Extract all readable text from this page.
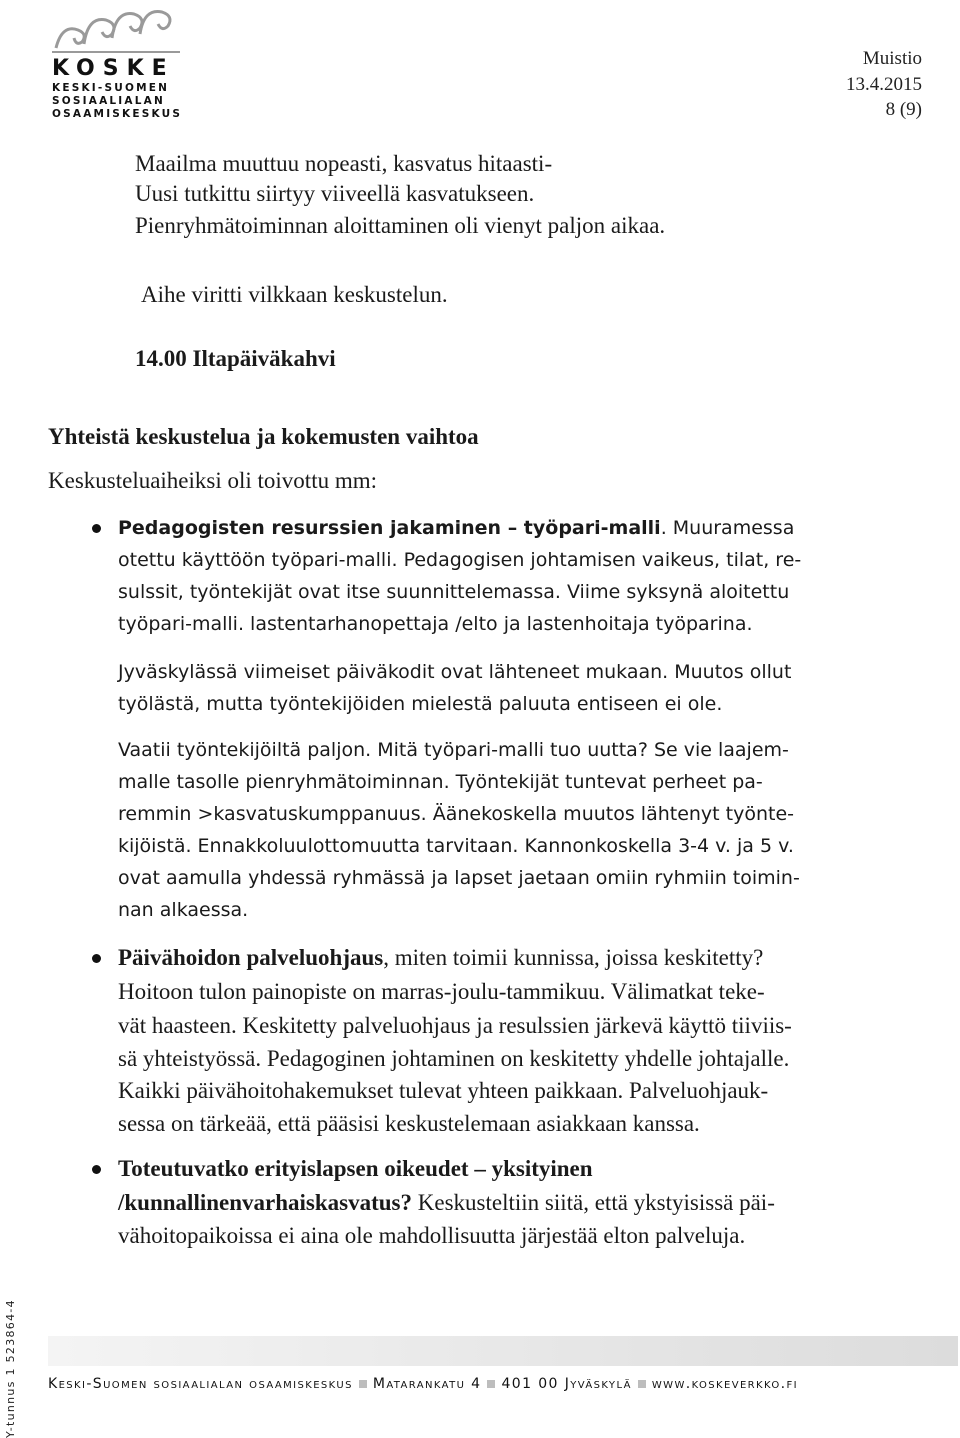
KOSKE
KESKI-SUOMEN
SOSIAALIALAN
OSAAMISKESKUS
Muistio
13.4.2015
8 (9)
Maailma muuttuu nopeasti, kasvatus hitaasti-
Uusi tutkittu siirtyy viiveellä kasvatukseen.
Pienryhmätoiminnan aloittaminen oli vienyt paljon aikaa.
Aihe viritti vilkkaan keskustelun.
14.00 Iltapäiväkahvi
Yhteistä keskustelua ja kokemusten vaihtoa
Keskusteluaiheiksi oli toivottu mm:
Pedagogisten resurssien jakaminen – työpari-malli. Muuramessa
otettu käyttöön työpari-malli. Pedagogisen johtamisen vaikeus, tilat, re-
sulssit, työntekijät ovat itse suunnittelemassa. Viime syksynä aloitettu
työpari-malli. lastentarhanopettaja /elto ja lastenhoitaja työparina.
Jyväskylässä viimeiset päiväkodit ovat lähteneet mukaan. Muutos ollut
työlästä, mutta työntekijöiden mielestä paluuta entiseen ei ole.
Vaatii työntekijöiltä paljon. Mitä työpari-malli tuo uutta? Se vie laajem-
malle tasolle pienryhmätoiminnan. Työntekijät tuntevat perheet pa-
remmin >kasvatuskumppanuus. Äänekoskella muutos lähtenyt työnte-
kijöistä. Ennakkoluulottomuutta tarvitaan. Kannonkoskella 3-4 v. ja 5 v.
ovat aamulla yhdessä ryhmässä ja lapset jaetaan omiin ryhmiin toimin-
nan alkaessa.
Päivähoidon palveluohjaus, miten toimii kunnissa, joissa keskitetty?
Hoitoon tulon painopiste on marras-joulu-tammikuu. Välimatkat teke-
vät haasteen. Keskitetty palveluohjaus ja resulssien järkevä käyttö tiiviis-
sä yhteistyössä. Pedagoginen johtaminen on keskitetty yhdelle johtajalle.
Kaikki päivähoitohakemukset tulevat yhteen paikkaan. Palveluohjauk-
sessa on tärkeää, että pääsisi keskustelemaan asiakkaan kanssa.
Toteutuvatko erityislapsen oikeudet – yksityinen
/kunnallinenvarhaiskasvatus? Keskusteltiin siitä, että ykstyisissä päi-
vähoitopaikoissa ei aina ole mahdollisuutta järjestää elton palveluja.
Y-tunnus 1 523864-4 Keski-Suomen sosiaalialan osaamiskeskus Matarankatu 4 401 00 Jyväskylä www.koskeverkko.fi
